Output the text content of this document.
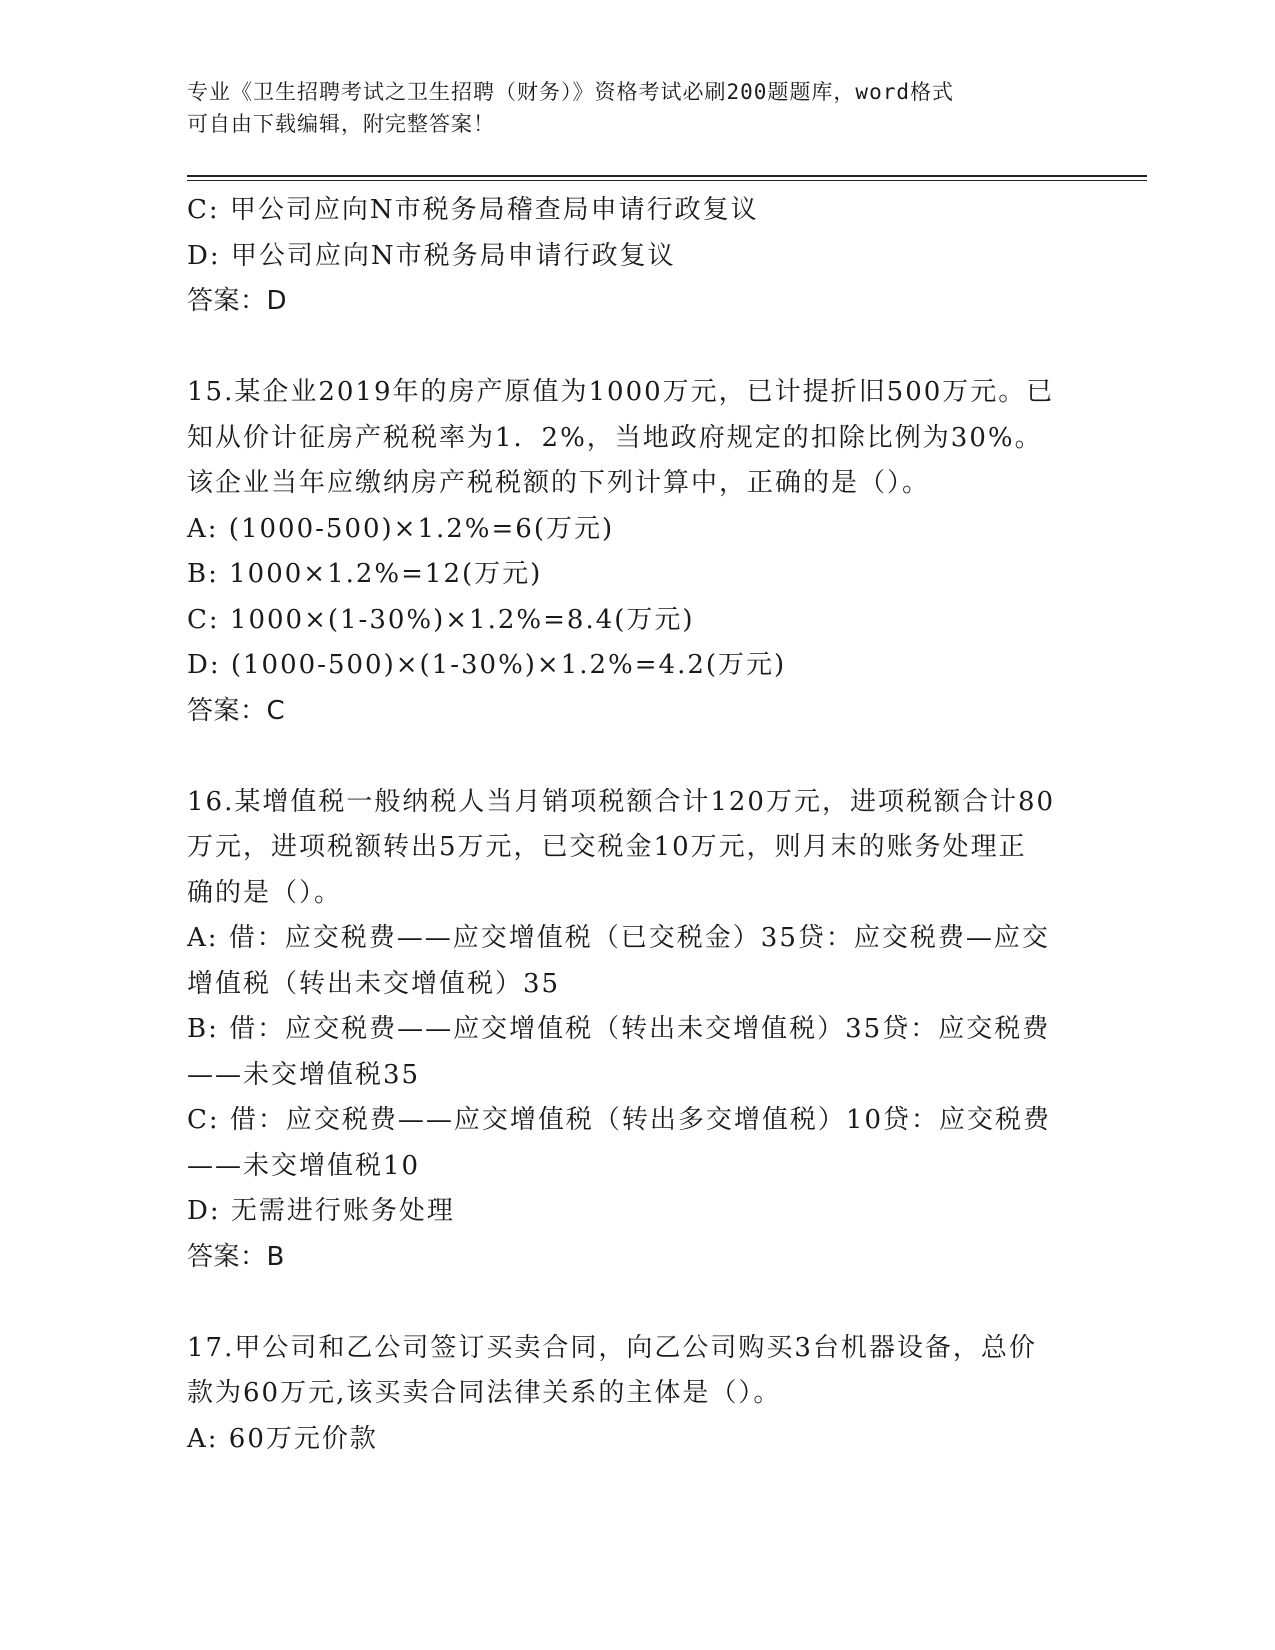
专业《卫生招聘考试之卫生招聘（财务）》资格考试必刷200题题库，word格式
可自由下载编辑，附完整答案！
C: 甲公司应向N市税务局稽查局申请行政复议
D: 甲公司应向N市税务局申请行政复议
答案：D
15.某企业2019年的房产原值为1000万元，已计提折旧500万元。已
知从价计征房产税税率为1．2%，当地政府规定的扣除比例为30%。
该企业当年应缴纳房产税税额的下列计算中，正确的是（）。
A: (1000-500)×1.2%=6(万元)
B: 1000×1.2%=12(万元)
C: 1000×(1-30%)×1.2%=8.4(万元)
D: (1000-500)×(1-30%)×1.2%=4.2(万元)
答案：C
16.某增值税一般纳税人当月销项税额合计120万元，进项税额合计80
万元，进项税额转出5万元，已交税金10万元，则月末的账务处理正
确的是（）。
A: 借：应交税费——应交增值税（已交税金）35贷：应交税费—应交
增值税（转出未交增值税）35
B: 借：应交税费——应交增值税（转出未交增值税）35贷：应交税费
——未交增值税35
C: 借：应交税费——应交增值税（转出多交增值税）10贷：应交税费
——未交增值税10
D: 无需进行账务处理
答案：B
17.甲公司和乙公司签订买卖合同，向乙公司购买3台机器设备，总价
款为60万元,该买卖合同法律关系的主体是（）。
A: 60万元价款
